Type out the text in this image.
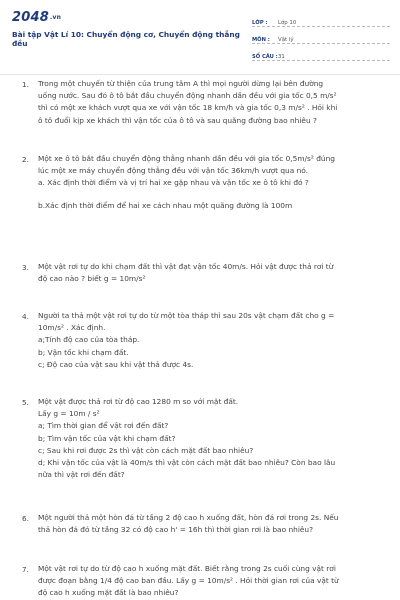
2048.vn
Bài tập Vật Lí 10: Chuyển động cơ, Chuyển động thẳng đều
LỚP :	Lớp 10
MÔN :	Vật lý
SỐ CÂU : 31
1. Trong một chuyến từ thiện của trung tâm A thì mọi người dừng lại bên đường

uống nước. Sau đó ô tô bắt đầu chuyển động nhanh dần đều với gia tốc 0,5 m/s²

thì có một xe khách vượt qua xe với vận tốc 18 km/h và gia tốc 0,3 m/s² . Hỏi khi

ô tô đuổi kịp xe khách thì vận tốc của ô tô và sau quãng đường bao nhiêu ?

2. Một xe ô tô bắt đầu chuyển động thẳng nhanh dần đều với gia tốc 0,5m/s² đúng

lúc một xe máy chuyển động thẳng đều với vận tốc 36km/h vượt qua nó.

a. Xác định thời điểm và vị trí hai xe gặp nhau và vận tốc xe ô tô khi đó ?

b.Xác định thời điểm để hai xe cách nhau một quãng đường là 100m

3. Một vật rơi tự do khi chạm đất thì vật đạt vận tốc 40m/s. Hỏi vật được thả rơi từ

độ cao nào ? biết g = 10m/s²

4. Người ta thả một vật rơi tự do từ một tòa tháp thì sau 20s vật chạm đất cho g =

10m/s² . Xác định.

a;Tính độ cao của tòa tháp.

b; Vận tốc khi chạm đất.

c; Độ cao của vật sau khi vật thả được 4s.

5. Một vật được thả rơi từ độ cao 1280 m so với mặt đất.

Lấy g = 10m / s²

a; Tìm thời gian để vật rơi đến đất?

b; Tìm vận tốc của vật khi chạm đất?

c; Sau khi rơi được 2s thì vật còn cách mặt đất bao nhiêu?

d; Khi vận tốc của vật là 40m/s thì vật còn cách mặt đất bao nhiêu? Còn bao lâu

nữa thì vật rơi đến đất?

6. Một người thả một hòn đá từ tầng 2 độ cao h xuống đất, hòn đá rơi trong 2s. Nếu

thả hòn đá đó từ tầng 32 có độ cao h' = 16h thì thời gian rơi là bao nhiêu?

7. Một vật rơi tự do từ độ cao h xuống mặt đất. Biết rằng trong 2s cuối cùng vật rơi

được đoạn bằng 1/4 độ cao ban đầu. Lấy g = 10m/s² . Hỏi thời gian rơi của vật từ

độ cao h xuống mặt đất là bao nhiêu?
